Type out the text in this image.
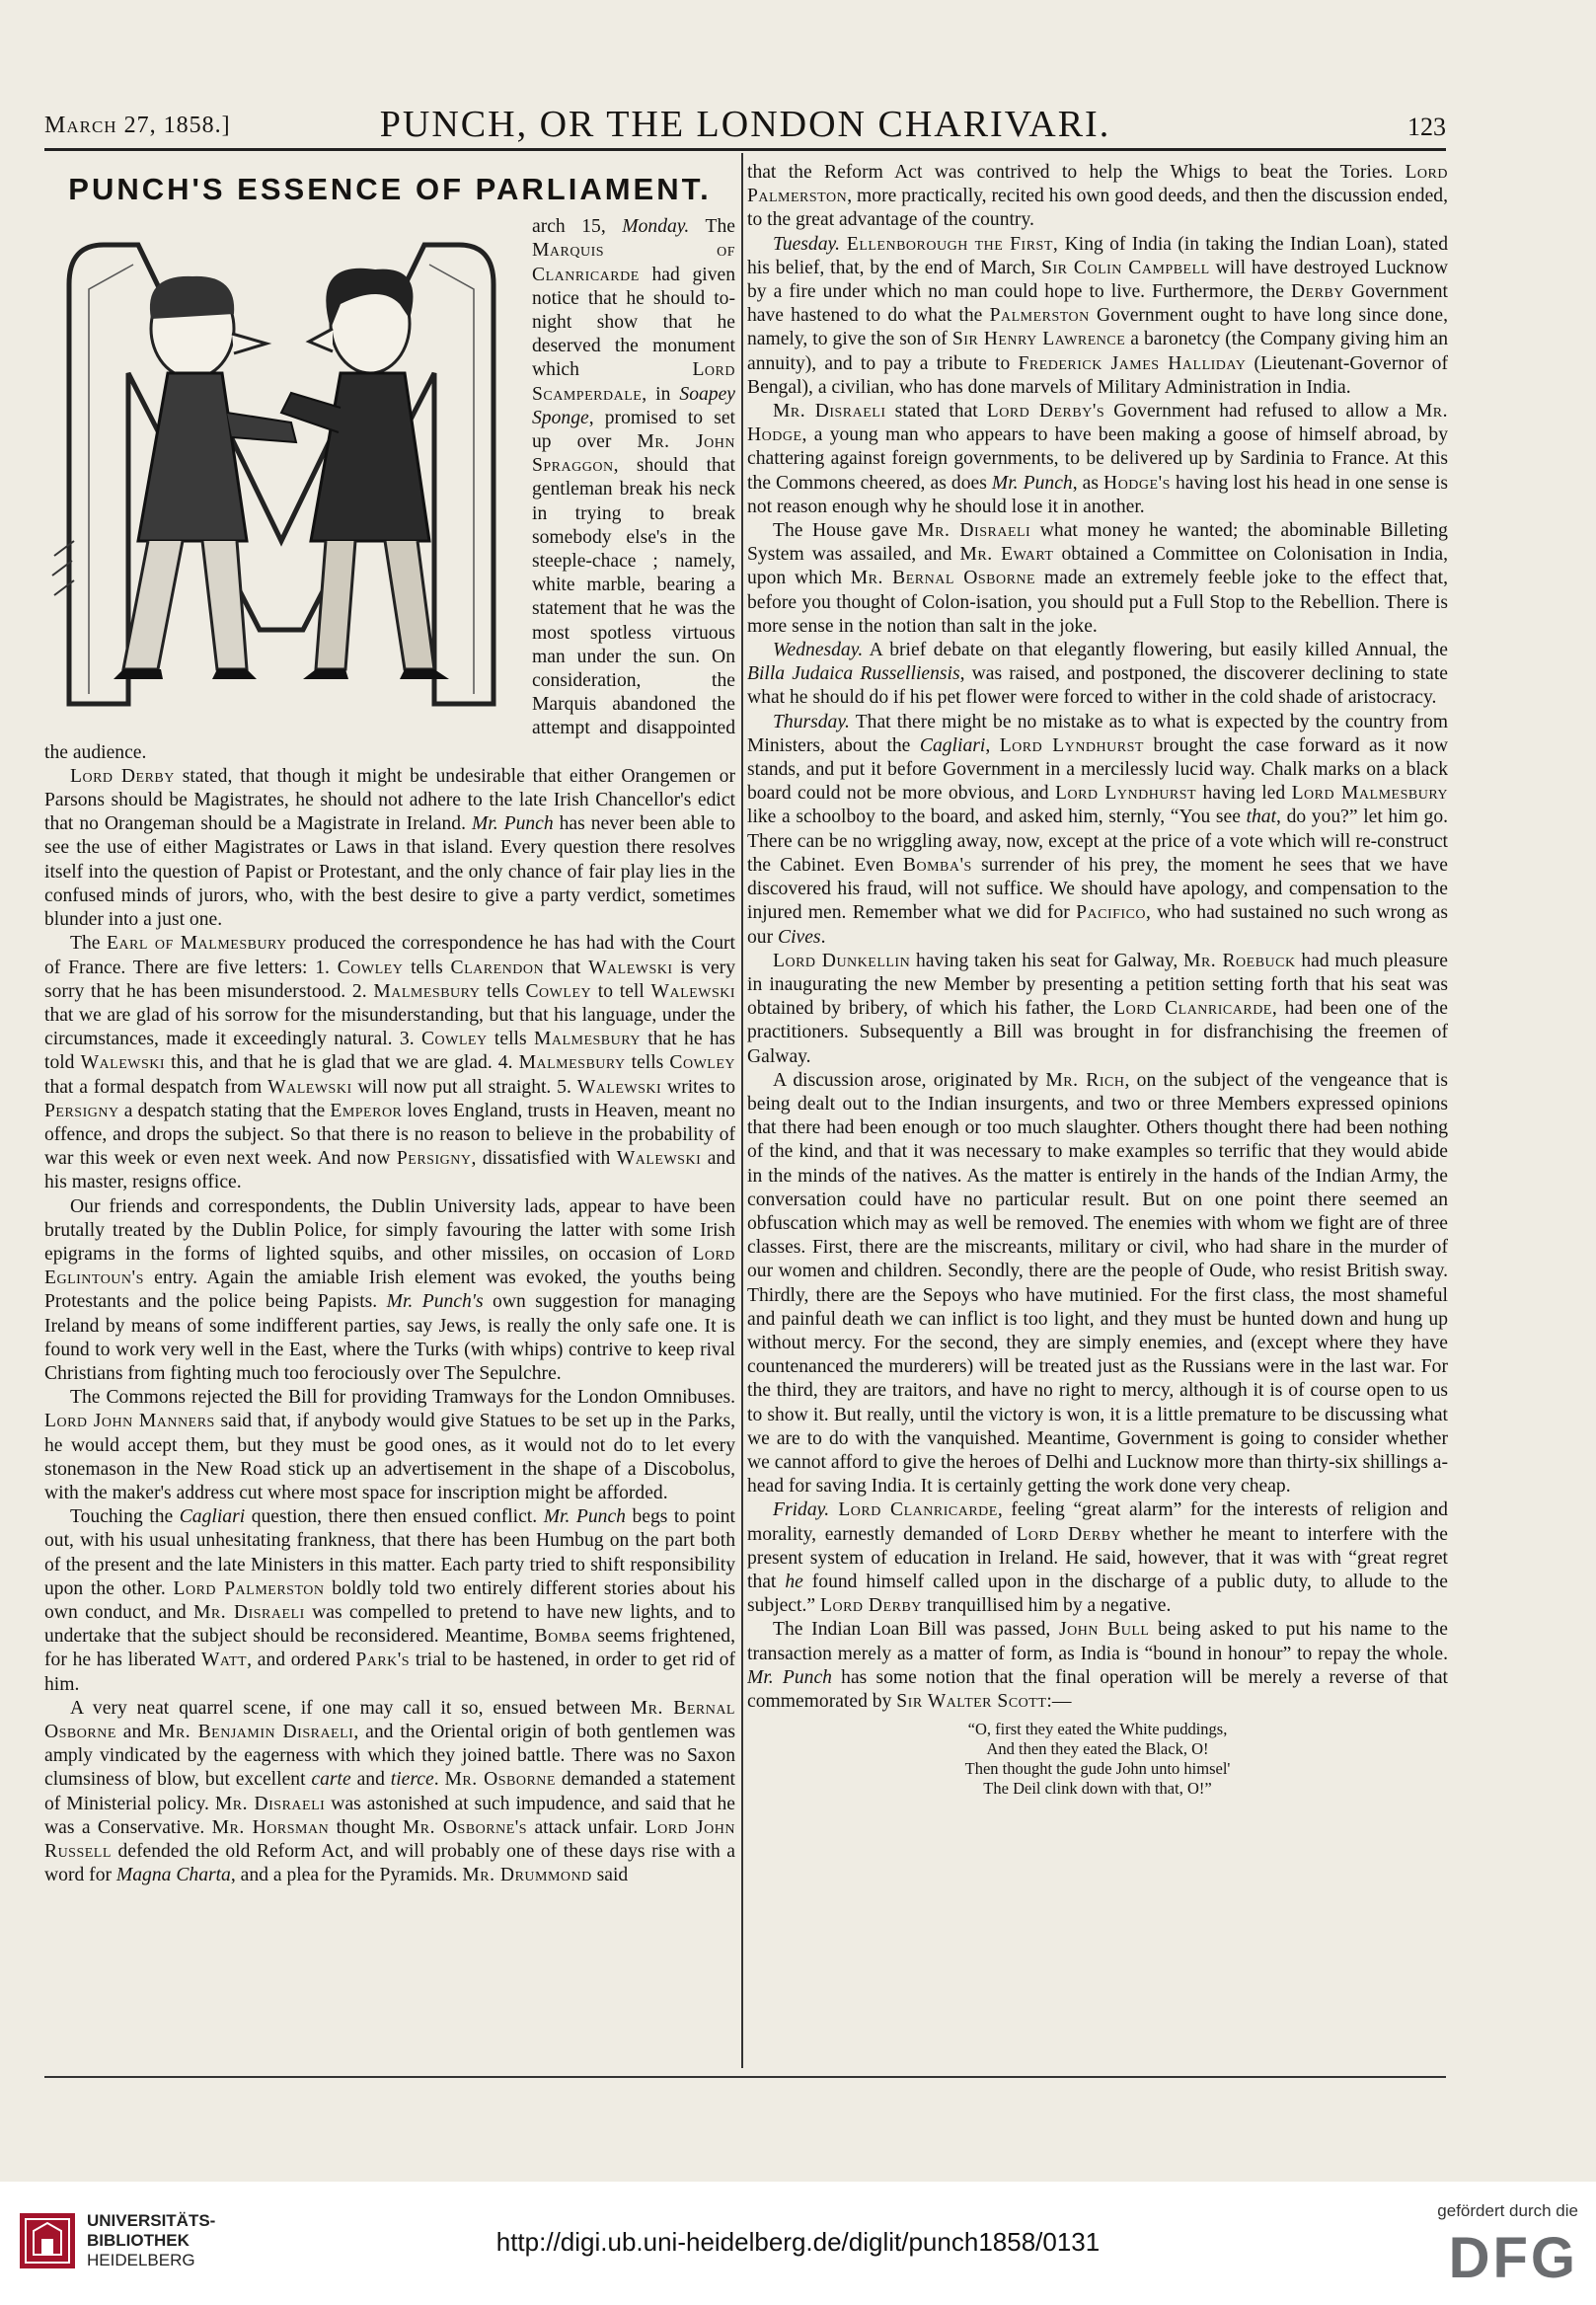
March 27, 1858.]	PUNCH, OR THE LONDON CHARIVARI.	123
PUNCH'S ESSENCE OF PARLIAMENT.

arch 15, Monday. The Marquis of Clanricarde had given notice that he should to-night show that he deserved the monument which Lord Scamperdale, in Soapey Sponge, promised to set up over Mr. John Spraggon, should that gentleman break his neck in trying to break somebody else's in the steeple-chace ; namely, white marble, bearing a statement that he was the most spotless virtuous man under the sun. On consideration, the Marquis abandoned the attempt and disappointed the audience.

Lord Derby stated, that though it might be undesirable that either Orangemen or Parsons should be Magistrates, he should not adhere to the late Irish Chancellor's edict that no Orangeman should be a Magistrate in Ireland. Mr. Punch has never been able to see the use of either Magistrates or Laws in that island. Every question there resolves itself into the question of Papist or Protestant, and the only chance of fair play lies in the confused minds of jurors, who, with the best desire to give a party verdict, sometimes blunder into a just one.

The Earl of Malmesbury produced the correspondence he has had with the Court of France. There are five letters: 1. Cowley tells Clarendon that Walewski is very sorry that he has been misunderstood. 2. Malmesbury tells Cowley to tell Walewski that we are glad of his sorrow for the misunderstanding, but that his language, under the circumstances, made it exceedingly natural. 3. Cowley tells Malmesbury that he has told Walewski this, and that he is glad that we are glad. 4. Malmesbury tells Cowley that a formal despatch from Walewski will now put all straight. 5. Walewski writes to Persigny a despatch stating that the Emperor loves England, trusts in Heaven, meant no offence, and drops the subject. So that there is no reason to believe in the probability of war this week or even next week. And now Persigny, dissatisfied with Walewski and his master, resigns office.

Our friends and correspondents, the Dublin University lads, appear to have been brutally treated by the Dublin Police, for simply favouring the latter with some Irish epigrams in the forms of lighted squibs, and other missiles, on occasion of Lord Eglintoun's entry. Again the amiable Irish element was evoked, the youths being Protestants and the police being Papists. Mr. Punch's own suggestion for managing Ireland by means of some indifferent parties, say Jews, is really the only safe one. It is found to work very well in the East, where the Turks (with whips) contrive to keep rival Christians from fighting much too ferociously over The Sepulchre.

The Commons rejected the Bill for providing Tramways for the London Omnibuses. Lord John Manners said that, if anybody would give Statues to be set up in the Parks, he would accept them, but they must be good ones, as it would not do to let every stonemason in the New Road stick up an advertisement in the shape of a Discobolus, with the maker's address cut where most space for inscription might be afforded.

Touching the Cagliari question, there then ensued conflict. Mr. Punch begs to point out, with his usual unhesitating frankness, that there has been Humbug on the part both of the present and the late Ministers in this matter. Each party tried to shift responsibility upon the other. Lord Palmerston boldly told two entirely different stories about his own conduct, and Mr. Disraeli was compelled to pretend to have new lights, and to undertake that the subject should be reconsidered. Meantime, Bomba seems frightened, for he has liberated Watt, and ordered Park's trial to be hastened, in order to get rid of him.

A very neat quarrel scene, if one may call it so, ensued between Mr. Bernal Osborne and Mr. Benjamin Disraeli, and the Oriental origin of both gentlemen was amply vindicated by the eagerness with which they joined battle. There was no Saxon clumsiness of blow, but excellent carte and tierce. Mr. Osborne demanded a statement of Ministerial policy. Mr. Disraeli was astonished at such impudence, and said that he was a Conservative. Mr. Horsman thought Mr. Osborne's attack unfair. Lord John Russell defended the old Reform Act, and will probably one of these days rise with a word for Magna Charta, and a plea for the Pyramids. Mr. Drummond said

that the Reform Act was contrived to help the Whigs to beat the Tories. Lord Palmerston, more practically, recited his own good deeds, and then the discussion ended, to the great advantage of the country.

Tuesday. Ellenborough the First, King of India (in taking the Indian Loan), stated his belief, that, by the end of March, Sir Colin Campbell will have destroyed Lucknow by a fire under which no man could hope to live. Furthermore, the Derby Government have hastened to do what the Palmerston Government ought to have long since done, namely, to give the son of Sir Henry Lawrence a baronetcy (the Company giving him an annuity), and to pay a tribute to Frederick James Halliday (Lieutenant-Governor of Bengal), a civilian, who has done marvels of Military Administration in India.

Mr. Disraeli stated that Lord Derby's Government had refused to allow a Mr. Hodge, a young man who appears to have been making a goose of himself abroad, by chattering against foreign governments, to be delivered up by Sardinia to France. At this the Commons cheered, as does Mr. Punch, as Hodge's having lost his head in one sense is not reason enough why he should lose it in another.

The House gave Mr. Disraeli what money he wanted; the abominable Billeting System was assailed, and Mr. Ewart obtained a Committee on Colonisation in India, upon which Mr. Bernal Osborne made an extremely feeble joke to the effect that, before you thought of Colon-isation, you should put a Full Stop to the Rebellion. There is more sense in the notion than salt in the joke.

Wednesday. A brief debate on that elegantly flowering, but easily killed Annual, the Billa Judaica Russelliensis, was raised, and postponed, the discoverer declining to state what he should do if his pet flower were forced to wither in the cold shade of aristocracy.

Thursday. That there might be no mistake as to what is expected by the country from Ministers, about the Cagliari, Lord Lyndhurst brought the case forward as it now stands, and put it before Government in a mercilessly lucid way. Chalk marks on a black board could not be more obvious, and Lord Lyndhurst having led Lord Malmesbury like a schoolboy to the board, and asked him, sternly, “You see that, do you?” let him go. There can be no wriggling away, now, except at the price of a vote which will re-construct the Cabinet. Even Bomba's surrender of his prey, the moment he sees that we have discovered his fraud, will not suffice. We should have apology, and compensation to the injured men. Remember what we did for Pacifico, who had sustained no such wrong as our Cives.

Lord Dunkellin having taken his seat for Galway, Mr. Roebuck had much pleasure in inaugurating the new Member by presenting a petition setting forth that his seat was obtained by bribery, of which his father, the Lord Clanricarde, had been one of the practitioners. Subsequently a Bill was brought in for disfranchising the freemen of Galway.

A discussion arose, originated by Mr. Rich, on the subject of the vengeance that is being dealt out to the Indian insurgents, and two or three Members expressed opinions that there had been enough or too much slaughter. Others thought there had been nothing of the kind, and that it was necessary to make examples so terrific that they would abide in the minds of the natives. As the matter is entirely in the hands of the Indian Army, the conversation could have no particular result. But on one point there seemed an obfuscation which may as well be removed. The enemies with whom we fight are of three classes. First, there are the miscreants, military or civil, who had share in the murder of our women and children. Secondly, there are the people of Oude, who resist British sway. Thirdly, there are the Sepoys who have mutinied. For the first class, the most shameful and painful death we can inflict is too light, and they must be hunted down and hung up without mercy. For the second, they are simply enemies, and (except where they have countenanced the murderers) will be treated just as the Russians were in the last war. For the third, they are traitors, and have no right to mercy, although it is of course open to us to show it. But really, until the victory is won, it is a little premature to be discussing what we are to do with the vanquished. Meantime, Government is going to consider whether we cannot afford to give the heroes of Delhi and Lucknow more than thirty-six shillings a-head for saving India. It is certainly getting the work done very cheap.

Friday. Lord Clanricarde, feeling “great alarm” for the interests of religion and morality, earnestly demanded of Lord Derby whether he meant to interfere with the present system of education in Ireland. He said, however, that it was with “great regret that he found himself called upon in the discharge of a public duty, to allude to the subject.” Lord Derby tranquillised him by a negative.

The Indian Loan Bill was passed, John Bull being asked to put his name to the transaction merely as a matter of form, as India is “bound in honour” to repay the whole. Mr. Punch has some notion that the final operation will be merely a reverse of that commemorated by Sir Walter Scott:—

“O, first they eated the White puddings,
And then they eated the Black, O!
Then thought the gude John unto himsel'
The Deil clink down with that, O!”
UNIVERSITÄTS-
BIBLIOTHEK
HEIDELBERG
http://digi.ub.uni-heidelberg.de/diglit/punch1858/0131
gefördert durch die
DFG
